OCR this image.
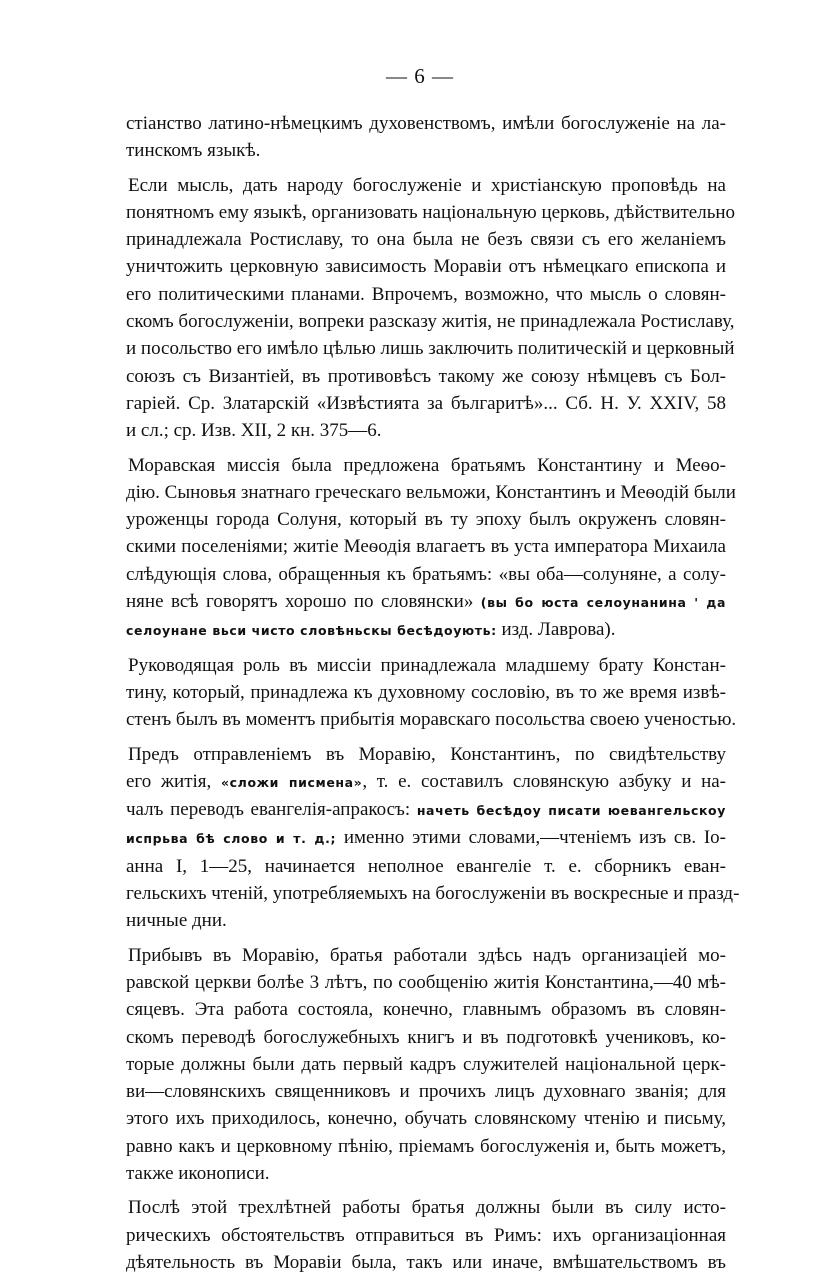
— 6 —

стіанство латино-нѣмецкимъ духовенствомъ, имѣли богослуженіе на ла-
тинскомъ языкѣ.

Если мысль, дать народу богослуженіе и христіанскую проповѣдь на
понятномъ ему языкѣ, организовать національную церковь, дѣйствительно
принадлежала Ростиславу, то она была не безъ связи съ его желаніемъ
уничтожить церковную зависимость Моравіи отъ нѣмецкаго епископа и
его политическими планами. Впрочемъ, возможно, что мысль о словян-
скомъ богослуженіи, вопреки разсказу житія, не принадлежала Ростиславу,
и посольство его имѣло цѣлью лишь заключить политическій и церковный
союзъ съ Византіей, въ противовѣсъ такому же союзу нѣмцевъ съ Бол-
гаріей. Ср. Златарскій «Извѣстията за българитѣ»... Сб. Н. У. XXIV, 58
и сл.; ср. Изв. XII, 2 кн. 375—6.

Моравская миссія была предложена братьямъ Константину и Меѳо-
дію. Сыновья знатнаго греческаго вельможи, Константинъ и Меѳодій были
уроженцы города Солуня, который въ ту эпоху былъ окруженъ словян-
скими поселеніями; житіе Меѳодія влагаетъ въ уста императора Михаила
слѣдующія слова, обращенныя къ братьямъ: «вы оба—солуняне, а солу-
няне всѣ говорятъ хорошо по словянски» (вы бо юста селоунанина ' да
селоунане вьси чисто словѣньскы бесѣдоують: изд. Лаврова).

Руководящая роль въ миссіи принадлежала младшему брату Констан-
тину, который, принадлежа къ духовному сословію, въ то же время извѣ-
стенъ былъ въ моментъ прибытія моравскаго посольства своею ученостью.

Предъ отправленіемъ въ Моравію, Константинъ, по свидѣтельству
его житія, «сложи писмена», т. е. составилъ словянскую азбуку и на-
чалъ переводъ евангелія-апракосъ: начеть бесѣдоу писати юевангельскоу
испрьва бѣ слово и т. д.; именно этими словами,—чтеніемъ изъ св. Іо-
анна I, 1—25, начинается неполное евангеліе т. е. сборникъ еван-
гельскихъ чтеній, употребляемыхъ на богослуженіи въ воскресные и празд-
ничные дни.

Прибывъ въ Моравію, братья работали здѣсь надъ организаціей мо-
равской церкви болѣе 3 лѣтъ, по сообщенію житія Константина,—40 мѣ-
сяцевъ. Эта работа состояла, конечно, главнымъ образомъ въ словян-
скомъ переводѣ богослужебныхъ книгъ и въ подготовкѣ учениковъ, ко-
торые должны были дать первый кадръ служителей національной церк-
ви—словянскихъ священниковъ и прочихъ лицъ духовнаго званія; для
этого ихъ приходилось, конечно, обучать словянскому чтенію и письму,
равно какъ и церковному пѣнію, пріемамъ богослуженія и, быть можетъ,
также иконописи.

Послѣ этой трехлѣтней работы братья должны были въ силу исто-
рическихъ обстоятельствъ отправиться въ Римъ: ихъ организаціонная
дѣятельность въ Моравіи была, такъ или иначе, вмѣшательствомъ въ
